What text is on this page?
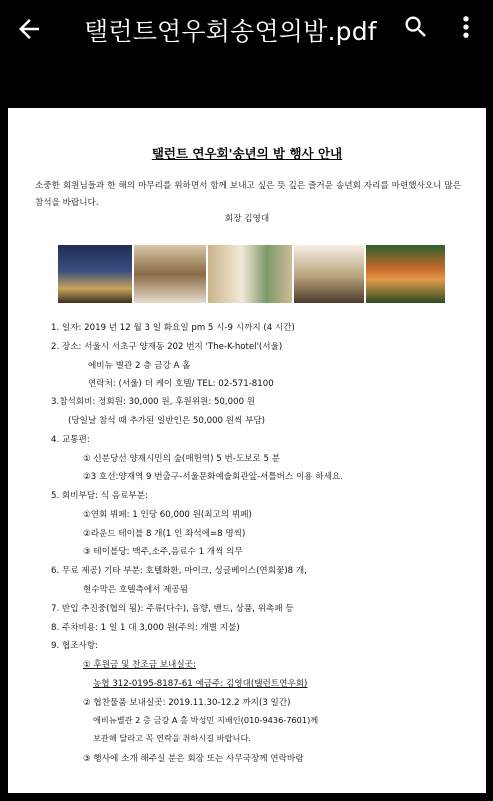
탤런트연우회송연의밤.pdf
탤런트 연우회'송년의 밤 행사 안내
소중한 회원님들과 한 해의 마무리를 위하면서 함께 보내고 싶은 뜻 깊은 즐거운 송년회 자리를 마련했사오니 많은 참석을 바랍니다.
회장 김영대
1. 일자: 2019 년 12 월 3 일 화요일 pm 5 시-9 시까지 (4 시간)
2. 장소: 서울시 서초구 양재동 202 번지 'The-K-hotel'(서울)
에비뉴 별관 2 층 금강 A 홀
연락처: (서울) 더 케이 호텔/ TEL: 02-571-8100
3.참석회비: 정회원: 30,000 원, 후원위원: 50,000 원
(당일날 참석 때 추가된 일반인은 50,000 원씩 부담)
4. 교통편:
① 신분당선 양재시민의 숲(매헌역) 5 번-도보로 5 분
②3 호선:양재역 9 번출구-서울문화예술회관앞-셔틀버스 이용 하세요.
5. 회비부담: 식 음료부분:
①연회 뷔페: 1 인당 60,000 원(최고의 뷔페)
②라운드 테이블 8 개(1 인 좌석에=8 명씩)
③ 테이블당: 맥주,소주,음료수 1 개씩 의무
6. 무료 제공) 기타 부분: 호텔화환, 마이크, 싱글베이스(연회꽃)8 개,
현수막은 호텔측에서 제공됨
7. 반입 추진중(협의 됨): 주류(다수), 음향, 밴드, 상품, 위촉패 등
8. 주차비용: 1 일 1 대 3,000 원(주의: 개별 지불)
9. 협조사항:
① 후원금 및 찬조금 보내실곳:
농협 312-0195-8187-61 예금주: 김영대(탤런트연우회)
② 협찬물품 보내실곳: 2019.11.30-12.2 까지(3 일간)
에비뉴별관 2 층 금강 A 홀 박성민 지배인(010-9436-7601)께
보관해 달라고 꼭 연락을 취하시길 바랍니다.
③ 행사에 소개 해주실 분은 회장 또는 사무국장께 연락바람
